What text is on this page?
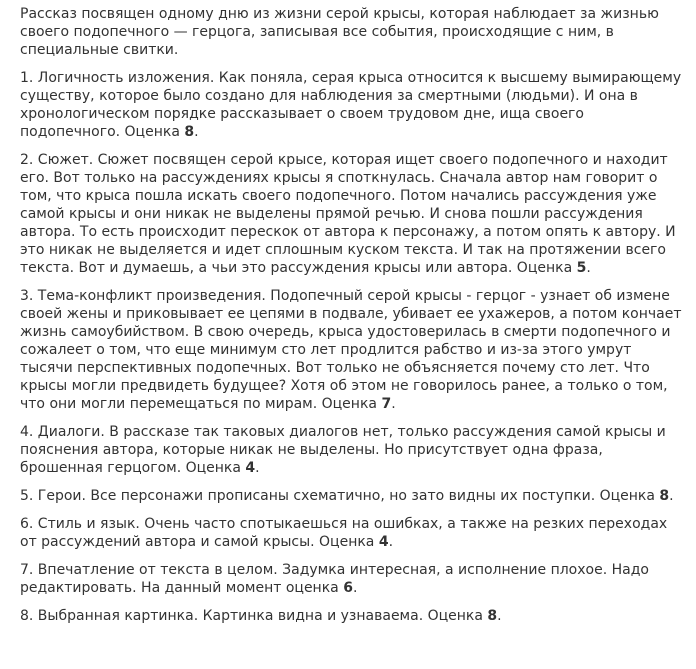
Рассказ посвящен одному дню из жизни серой крысы, которая наблюдает за жизнью своего подопечного — герцога, записывая все события, происходящие с ним, в специальные свитки.

1. Логичность изложения. Как поняла, серая крыса относится к высшему вымирающему существу, которое было создано для наблюдения за смертными (людьми). И она в хронологическом порядке рассказывает о своем трудовом дне, ища своего подопечного. Оценка 8.

2. Сюжет. Сюжет посвящен серой крысе, которая ищет своего подопечного и находит его. Вот только на рассуждениях крысы я споткнулась. Сначала автор нам говорит о том, что крыса пошла искать своего подопечного. Потом начались рассуждения уже самой крысы и они никак не выделены прямой речью. И снова пошли рассуждения автора. То есть происходит перескок от автора к персонажу, а потом опять к автору. И это никак не выделяется и идет сплошным куском текста. И так на протяжении всего текста. Вот и думаешь, а чьи это рассуждения крысы или автора. Оценка 5.

3. Тема-конфликт произведения. Подопечный серой крысы - герцог - узнает об измене своей жены и приковывает ее цепями в подвале, убивает ее ухажеров, а потом кончает жизнь самоубийством. В свою очередь, крыса удостоверилась в смерти подопечного и сожалеет о том, что еще минимум сто лет продлится рабство и из-за этого умрут тысячи перспективных подопечных. Вот только не объясняется почему сто лет. Что крысы могли предвидеть будущее? Хотя об этом не говорилось ранее, а только о том, что они могли перемещаться по мирам. Оценка 7.

4. Диалоги. В рассказе так таковых диалогов нет, только рассуждения самой крысы и пояснения автора, которые никак не выделены. Но присутствует одна фраза, брошенная герцогом. Оценка 4.

5. Герои. Все персонажи прописаны схематично, но зато видны их поступки. Оценка 8.

6. Стиль и язык. Очень часто спотыкаешься на ошибках, а также на резких переходах от рассуждений автора и самой крысы. Оценка 4.

7. Впечатление от текста в целом. Задумка интересная, а исполнение плохое. Надо редактировать. На данный момент оценка 6.

8. Выбранная картинка. Картинка видна и узнаваема. Оценка 8.
